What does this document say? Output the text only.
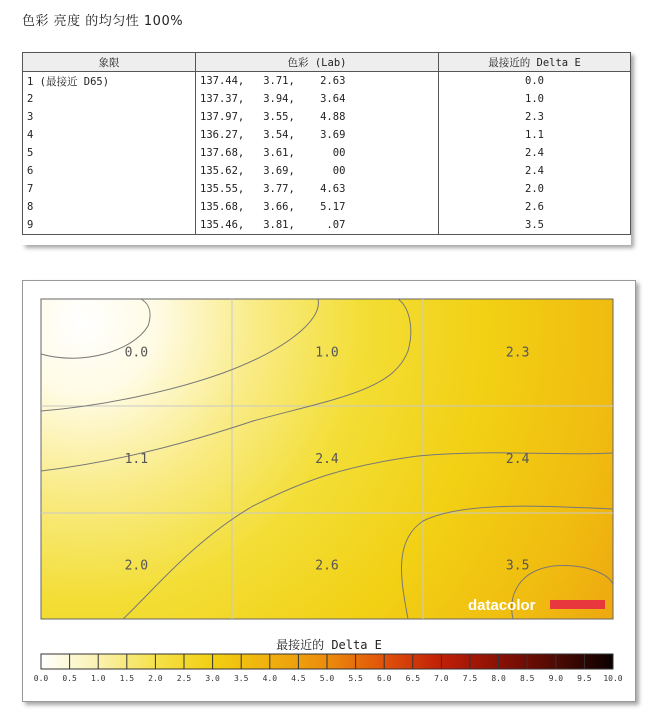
色彩 亮度 的均匀性 100%
象限	色彩 (Lab)	最接近的 Delta E
1 (最接近 D65)	137.44,   3.71,    2.63	0.0
2	137.37,   3.94,    3.64	1.0
3	137.97,   3.55,    4.88	2.3
4	136.27,   3.54,    3.69	1.1
5	137.68,   3.61,      00	2.4
6	135.62,   3.69,      00	2.4
7	135.55,   3.77,    4.63	2.0
8	135.68,   3.66,    5.17	2.6
9	135.46,   3.81,     .07	3.5
0.0	1.0	2.3
1.1	2.4	2.4
2.0	2.6	3.5
datacolor
0.0 0.5 1.0 1.5 2.0 2.5 3.0 3.5 4.0 4.5 5.0 5.5 6.0 6.5 7.0 7.5 8.0 8.5 9.0 9.5 10.0
最接近的 Delta E
